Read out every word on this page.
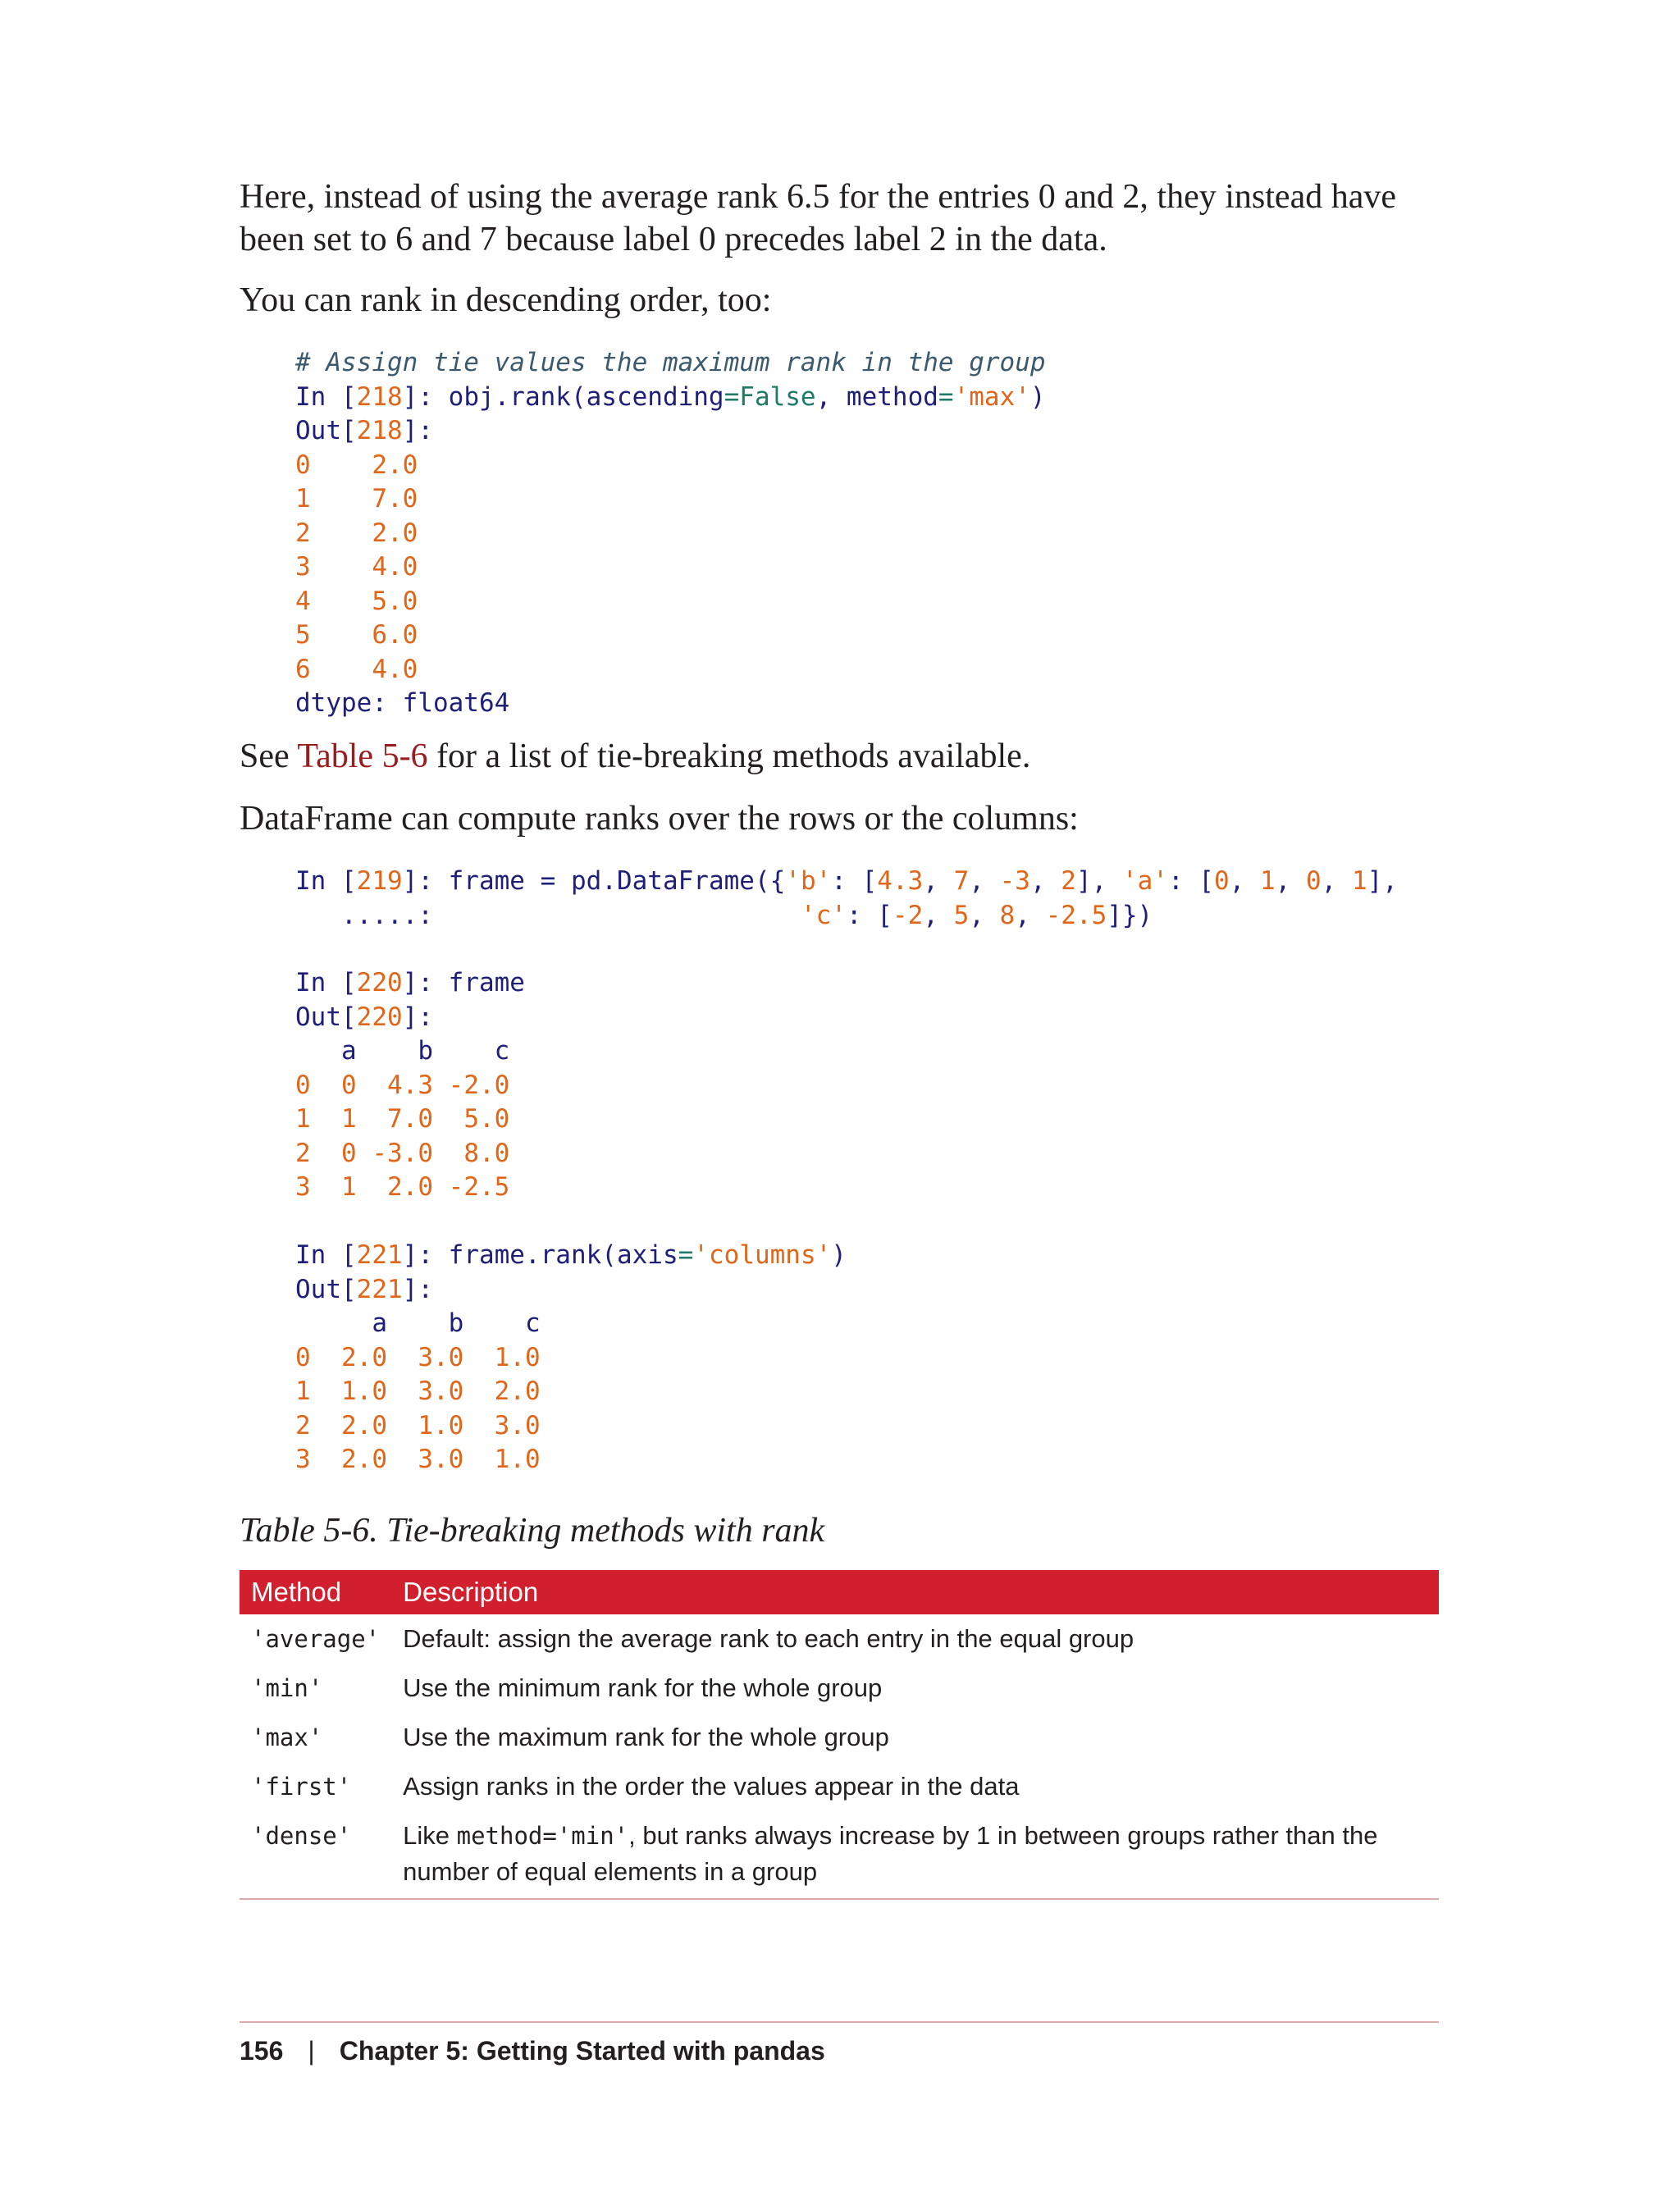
Here, instead of using the average rank 6.5 for the entries 0 and 2, they instead have been set to 6 and 7 because label 0 precedes label 2 in the data.

You can rank in descending order, too:

# Assign tie values the maximum rank in the group
In [218]: obj.rank(ascending=False, method='max')
Out[218]:
0 2.0
1 7.0
2 2.0
3 4.0
4 5.0
5 6.0
6 4.0
dtype: float64

See Table 5-6 for a list of tie-breaking methods available.

DataFrame can compute ranks over the rows or the columns:

In [219]: frame = pd.DataFrame({'b': [4.3, 7, -3, 2], 'a': [0, 1, 0, 1],
.....:	'c': [-2, 5, 8, -2.5]})
In [220]: frame
Out[220]:
a b c
0 0 4.3 -2.0
1 1 7.0 5.0
2 0 -3.0 8.0
3 1 2.0 -2.5
In [221]: frame.rank(axis='columns')
Out[221]:
a b c
0 2.0 3.0 1.0
1 1.0 3.0 2.0
2 2.0 1.0 3.0
3 2.0 3.0 1.0

Table 5-6. Tie-breaking methods with rank

Method	Description
'average'	Default: assign the average rank to each entry in the equal group
'min'	Use the minimum rank for the whole group
'max'	Use the maximum rank for the whole group
'first'	Assign ranks in the order the values appear in the data
'dense'	Like method='min', but ranks always increase by 1 in between groups rather than the number of equal elements in a group
156 | Chapter 5: Getting Started with pandas
